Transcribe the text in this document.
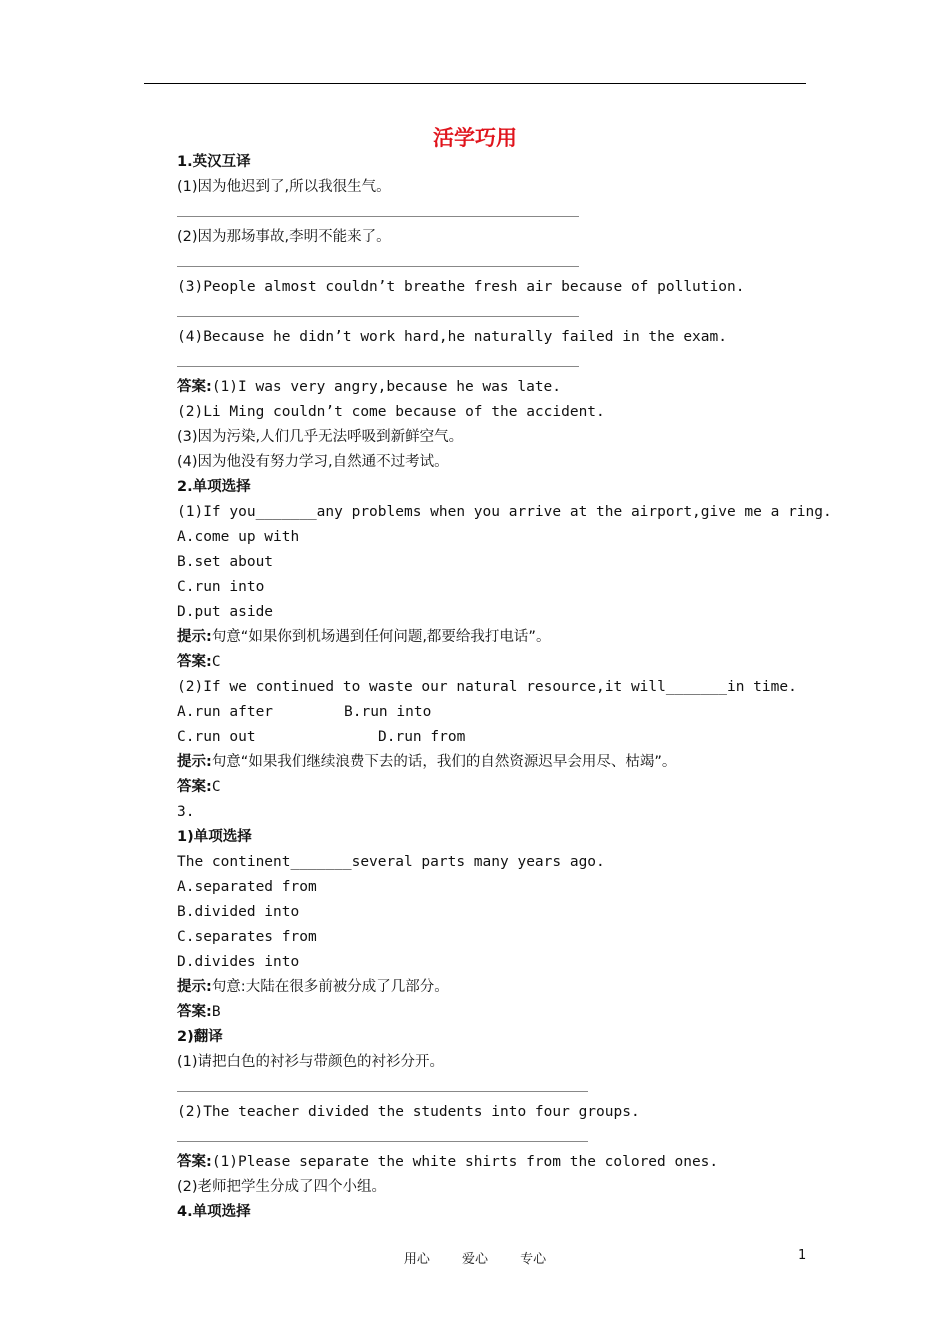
活学巧用
1.英汉互译
(1)因为他迟到了,所以我很生气。
(2)因为那场事故,李明不能来了。
(3)People almost couldn’t breathe fresh air because of pollution.
(4)Because he didn’t work hard,he naturally failed in the exam.
答案:(1)I was very angry,because he was late.
(2)Li Ming couldn’t come because of the accident.
(3)因为污染,人们几乎无法呼吸到新鲜空气。
(4)因为他没有努力学习,自然通不过考试。
2.单项选择
(1)If you_______any problems when you arrive at the airport,give me a ring.
A.come up with
B.set about
C.run into
D.put aside
提示:句意“如果你到机场遇到任何问题,都要给我打电话”。
答案:C
(2)If we continued to waste our natural resource,it will_______in time.
A.run after	B.run into
C.run out	D.run from
提示:句意“如果我们继续浪费下去的话，我们的自然资源迟早会用尽、枯竭”。
答案:C
3.
1)单项选择
The continent_______several parts many years ago.
A.separated from
B.divided into
C.separates from
D.divides into
提示:句意:大陆在很多前被分成了几部分。
答案:B
2)翻译
(1)请把白色的衬衫与带颜色的衬衫分开。
(2)The teacher divided the students into four groups.
答案:(1)Please separate the white shirts from the colored ones.
(2)老师把学生分成了四个小组。
4.单项选择
用心 爱心 专心	1
